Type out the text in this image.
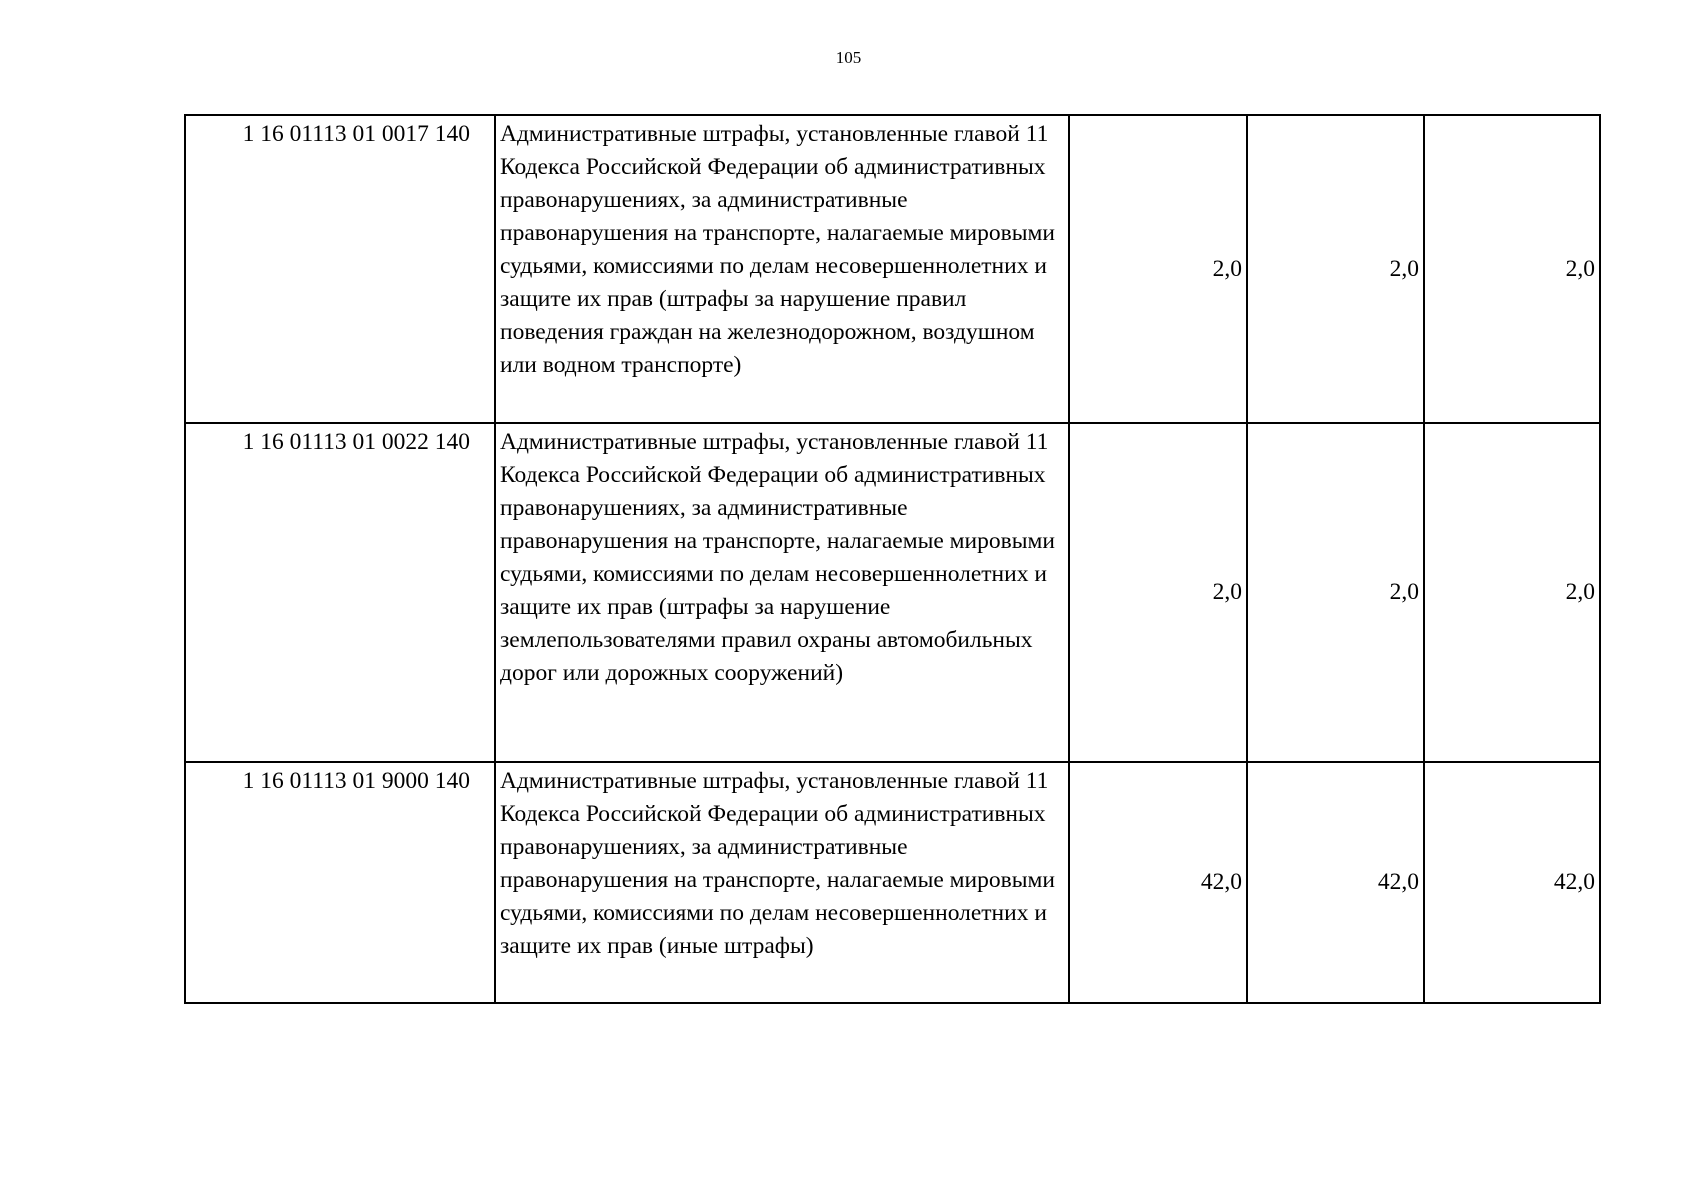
105
1 16 01113 01 0017 140	Административные штрафы, установленные главой 11 Кодекса Российской Федерации об административных правонарушениях, за административные правонарушения на транспорте, налагаемые мировыми судьями, комиссиями по делам несовершеннолетних и защите их прав (штрафы за нарушение правил поведения граждан на железнодорожном, воздушном или водном транспорте)	2,0	2,0	2,0
1 16 01113 01 0022 140	Административные штрафы, установленные главой 11 Кодекса Российской Федерации об административных правонарушениях, за административные правонарушения на транспорте, налагаемые мировыми судьями, комиссиями по делам несовершеннолетних и защите их прав (штрафы за нарушение землепользователями правил охраны автомобильных дорог или дорожных сооружений)	2,0	2,0	2,0
1 16 01113 01 9000 140	Административные штрафы, установленные главой 11 Кодекса Российской Федерации об административных правонарушениях, за административные правонарушения на транспорте, налагаемые мировыми судьями, комиссиями по делам несовершеннолетних и защите их прав (иные штрафы)	42,0	42,0	42,0
